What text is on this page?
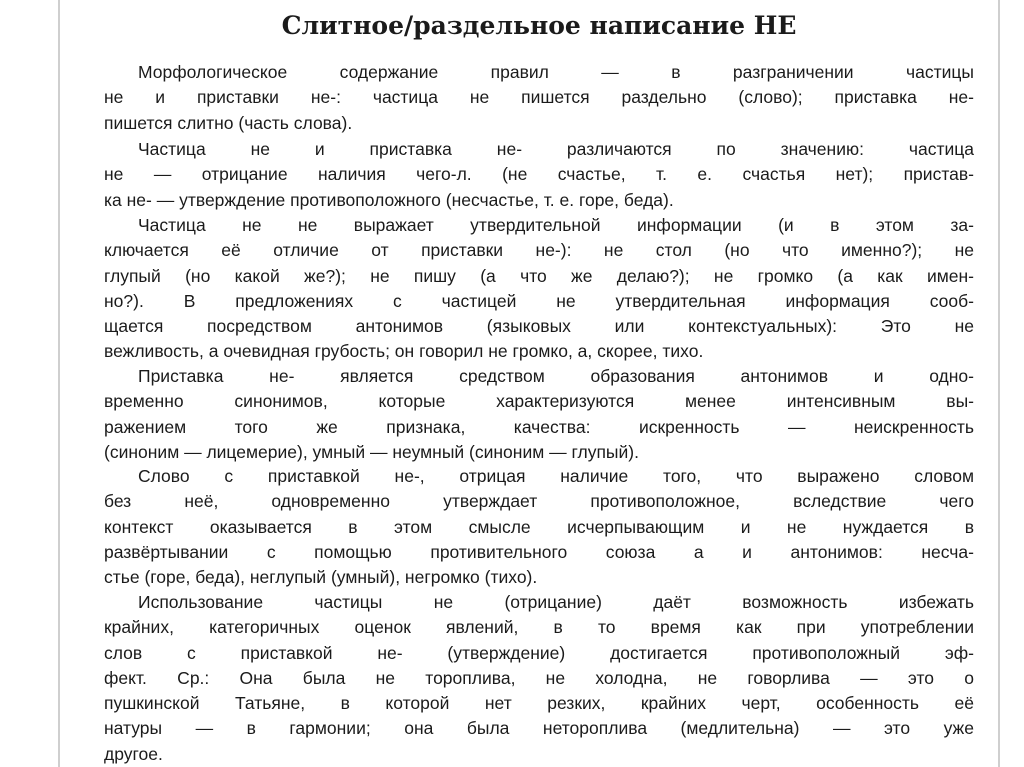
Слитное/раздельное написание НЕ
Морфологическое содержание правил — в разграничении частицы
не и приставки не-: частица не пишется раздельно (слово); приставка не-
пишется слитно (часть слова).
Частица не и приставка не- различаются по значению: частица
не — отрицание наличия чего-л. (не счастье, т. е. счастья нет); пристав-
ка не- — утверждение противоположного (несчастье, т. е. горе, беда).
Частица не не выражает утвердительной информации (и в этом за-
ключается её отличие от приставки не-): не стол (но что именно?); не
глупый (но какой же?); не пишу (а что же делаю?); не громко (а как имен-
но?). В предложениях с частицей не утвердительная информация сооб-
щается посредством антонимов (языковых или контекстуальных): Это не
вежливость, а очевидная грубость; он говорил не громко, а, скорее, тихо.
Приставка не- является средством образования антонимов и одно-
временно синонимов, которые характеризуются менее интенсивным вы-
ражением того же признака, качества: искренность — неискренность
(синоним — лицемерие), умный — неумный (синоним — глупый).
Слово с приставкой не-, отрицая наличие того, что выражено словом
без неё, одновременно утверждает противоположное, вследствие чего
контекст оказывается в этом смысле исчерпывающим и не нуждается в
развёртывании с помощью противительного союза а и антонимов: несча-
стье (горе, беда), неглупый (умный), негромко (тихо).
Использование частицы не (отрицание) даёт возможность избежать
крайних, категоричных оценок явлений, в то время как при употреблении
слов с приставкой не- (утверждение) достигается противоположный эф-
фект. Ср.: Она была не тороплива, не холодна, не говорлива — это о
пушкинской Татьяне, в которой нет резких, крайних черт, особенность её
натуры — в гармонии; она была нетороплива (медлительна) — это уже
другое.
